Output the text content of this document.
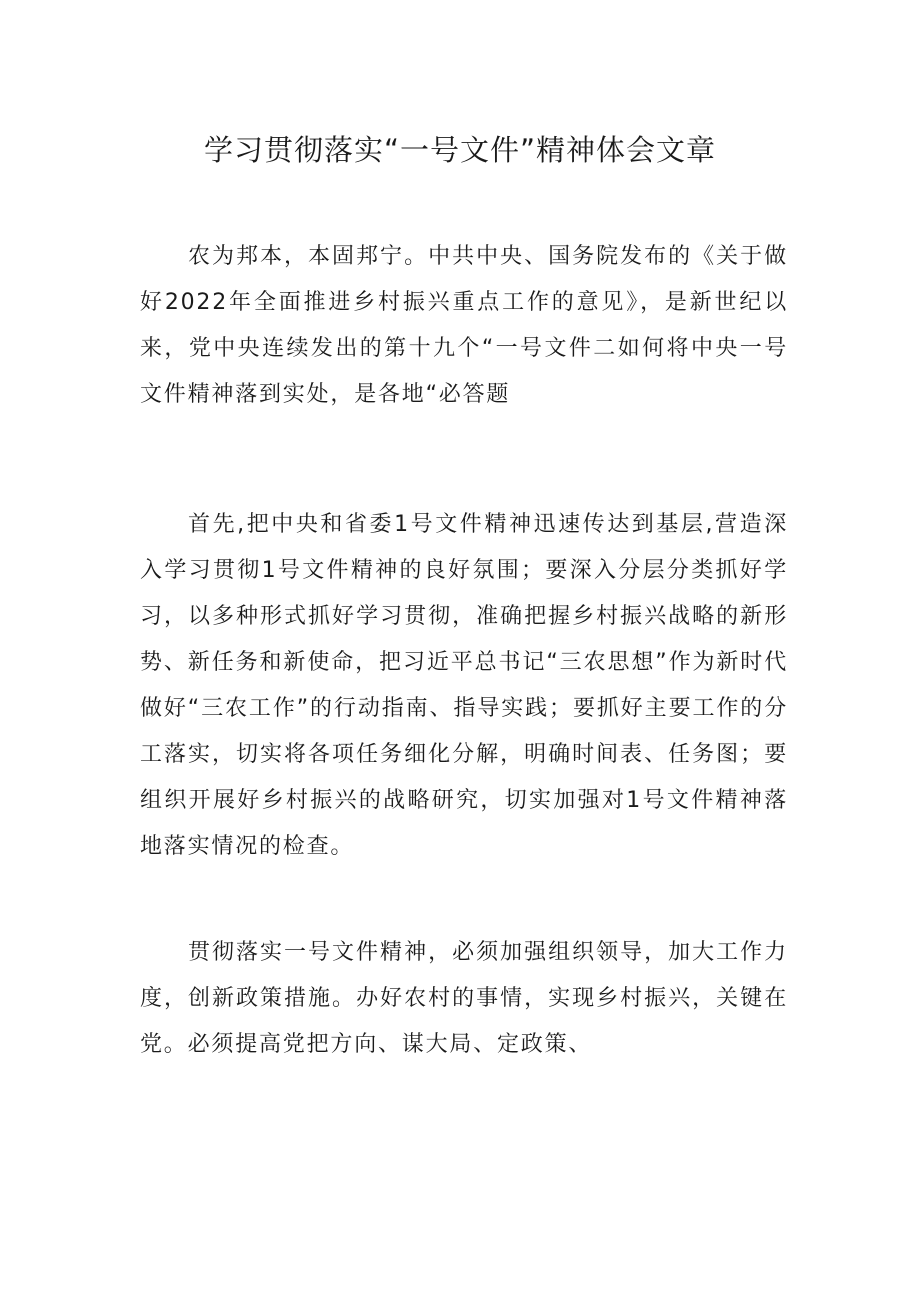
学习贯彻落实“一号文件”精神体会文章

农为邦本，本固邦宁。中共中央、国务院发布的《关于做好2022年全面推进乡村振兴重点工作的意见》，是新世纪以来，党中央连续发出的第十九个“一号文件二如何将中央一号文件精神落到实处，是各地“必答题

首先,把中央和省委1号文件精神迅速传达到基层,营造深入学习贯彻1号文件精神的良好氛围；要深入分层分类抓好学习，以多种形式抓好学习贯彻，准确把握乡村振兴战略的新形势、新任务和新使命，把习近平总书记“三农思想”作为新时代做好“三农工作”的行动指南、指导实践；要抓好主要工作的分工落实，切实将各项任务细化分解，明确时间表、任务图；要组织开展好乡村振兴的战略研究，切实加强对1号文件精神落地落实情况的检查。

贯彻落实一号文件精神，必须加强组织领导，加大工作力度，创新政策措施。办好农村的事情，实现乡村振兴，关键在党。必须提高党把方向、谋大局、定政策、
